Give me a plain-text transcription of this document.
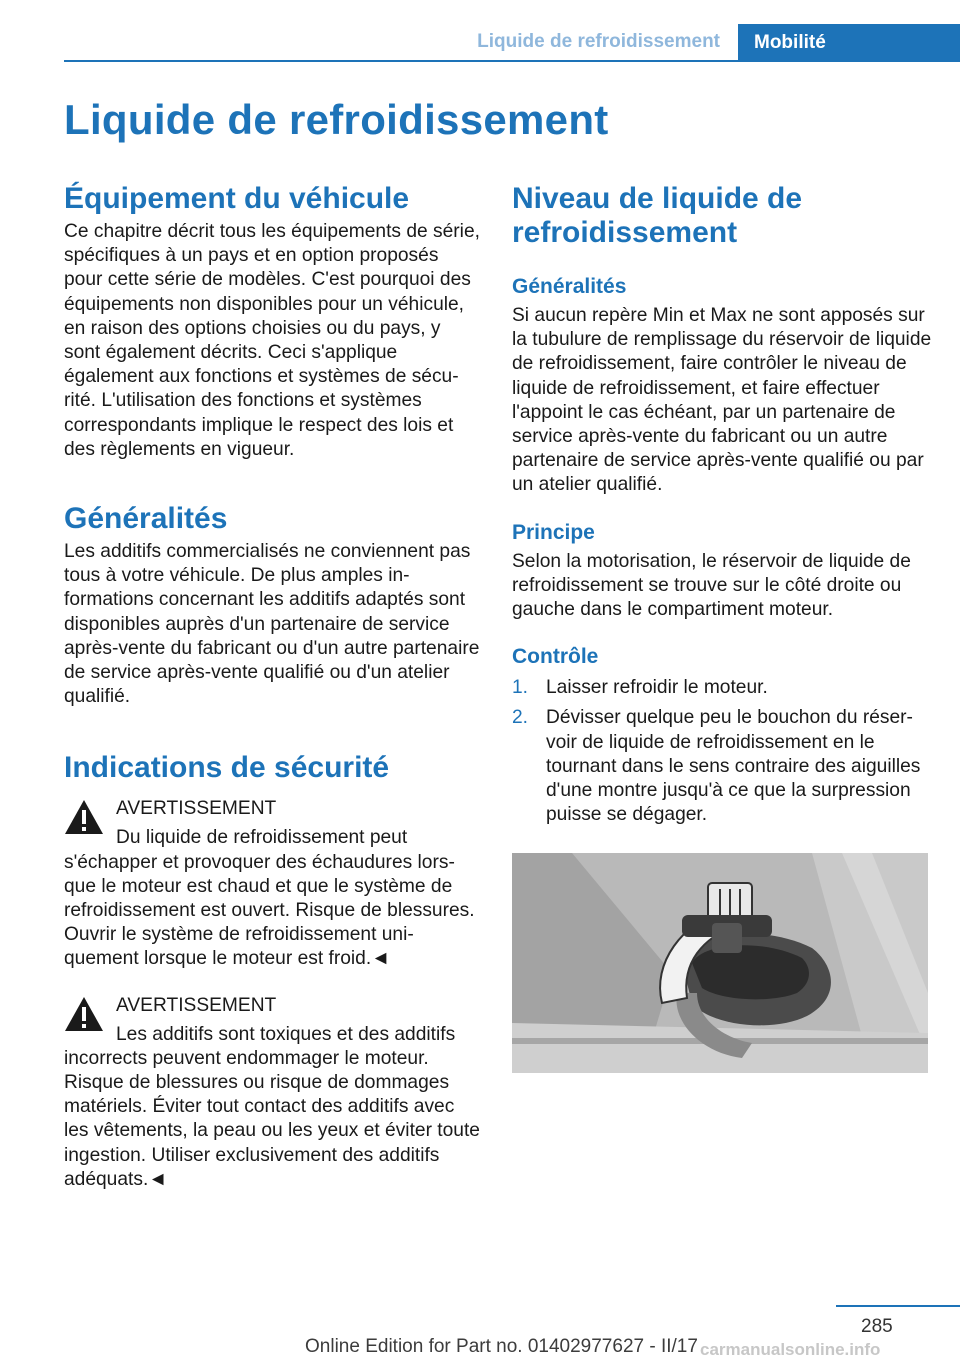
Liquide de refroidissement	Mobilité
Liquide de refroidissement
Équipement du véhicule

Ce chapitre décrit tous les équipements de série, spécifiques à un pays et en option proposés pour cette série de modèles. C'est pourquoi des équipements non disponibles pour un véhicule, en raison des options choisies ou du pays, y sont également décrits. Ceci s'applique également aux fonctions et systèmes de sécurité. L'utilisation des fonctions et systèmes correspondants implique le respect des lois et des règlements en vigueur.

Généralités

Les additifs commercialisés ne conviennent pas tous à votre véhicule. De plus amples informations concernant les additifs adaptés sont disponibles auprès d'un partenaire de service après-vente du fabricant ou d'un autre partenaire de service après-vente qualifié ou d'un atelier qualifié.

Indications de sécurité
AVERTISSEMENT

Du liquide de refroidissement peut s'échapper et provoquer des échaudures lorsque le moteur est chaud et que le système de refroidissement est ouvert. Risque de blessures. Ouvrir le système de refroidissement uniquement lorsque le moteur est froid.◄

AVERTISSEMENT

Les additifs sont toxiques et des additifs incorrects peuvent endommager le moteur. Risque de blessures ou risque de dommages matériels. Éviter tout contact des additifs avec les vêtements, la peau ou les yeux et éviter toute ingestion. Utiliser exclusivement des additifs adéquats.◄

Niveau de liquide de refroidissement
Généralités

Si aucun repère Min et Max ne sont apposés sur la tubulure de remplissage du réservoir de liquide de refroidissement, faire contrôler le niveau de liquide de refroidissement, et faire effectuer l'appoint le cas échéant, par un partenaire de service après-vente du fabricant ou un autre partenaire de service après-vente qualifié ou par un atelier qualifié.

Principe

Selon la motorisation, le réservoir de liquide de refroidissement se trouve sur le côté droite ou gauche dans le compartiment moteur.

Contrôle
1. Laisser refroidir le moteur.
2. Dévisser quelque peu le bouchon du réservoir de liquide de refroidissement en le tournant dans le sens contraire des aiguilles d'une montre jusqu'à ce que la surpression puisse se dégager.
285
Online Edition for Part no. 01402977627 - II/17 carmanualsonline.info
